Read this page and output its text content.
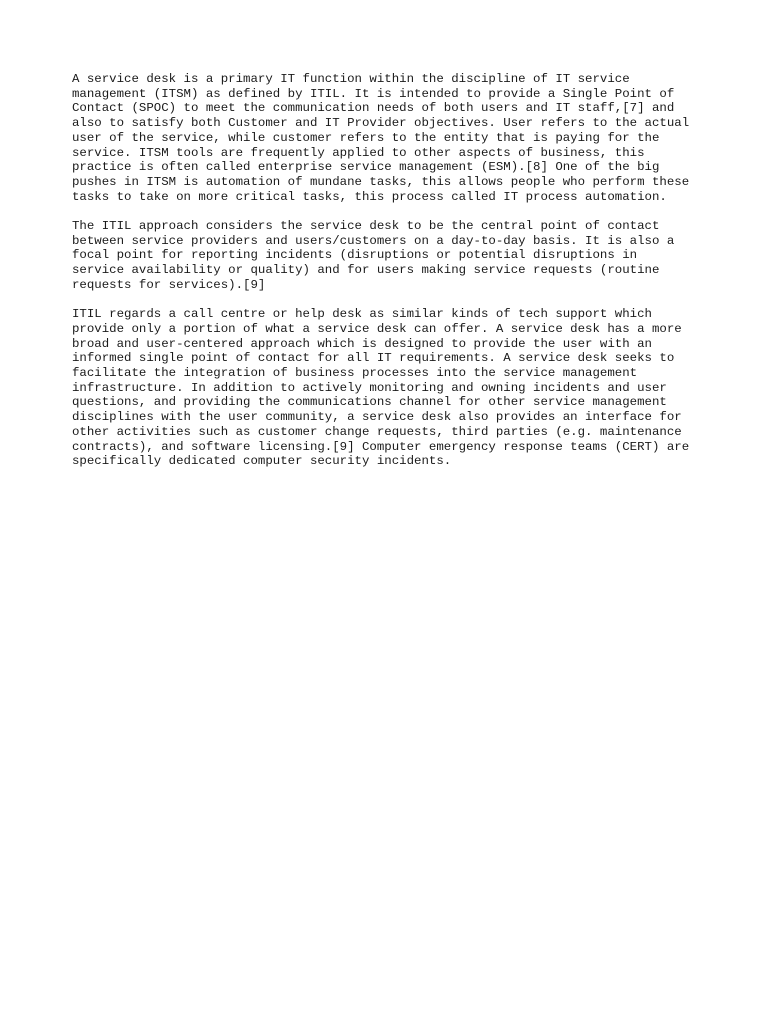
A service desk is a primary IT function within the discipline of IT service
management (ITSM) as defined by ITIL. It is intended to provide a Single Point of
Contact (SPOC) to meet the communication needs of both users and IT staff,[7] and
also to satisfy both Customer and IT Provider objectives. User refers to the actual
user of the service, while customer refers to the entity that is paying for the
service. ITSM tools are frequently applied to other aspects of business, this
practice is often called enterprise service management (ESM).[8] One of the big
pushes in ITSM is automation of mundane tasks, this allows people who perform these
tasks to take on more critical tasks, this process called IT process automation.
The ITIL approach considers the service desk to be the central point of contact
between service providers and users/customers on a day-to-day basis. It is also a
focal point for reporting incidents (disruptions or potential disruptions in
service availability or quality) and for users making service requests (routine
requests for services).[9]
ITIL regards a call centre or help desk as similar kinds of tech support which
provide only a portion of what a service desk can offer. A service desk has a more
broad and user-centered approach which is designed to provide the user with an
informed single point of contact for all IT requirements. A service desk seeks to
facilitate the integration of business processes into the service management
infrastructure. In addition to actively monitoring and owning incidents and user
questions, and providing the communications channel for other service management
disciplines with the user community, a service desk also provides an interface for
other activities such as customer change requests, third parties (e.g. maintenance
contracts), and software licensing.[9] Computer emergency response teams (CERT) are
specifically dedicated computer security incidents.
